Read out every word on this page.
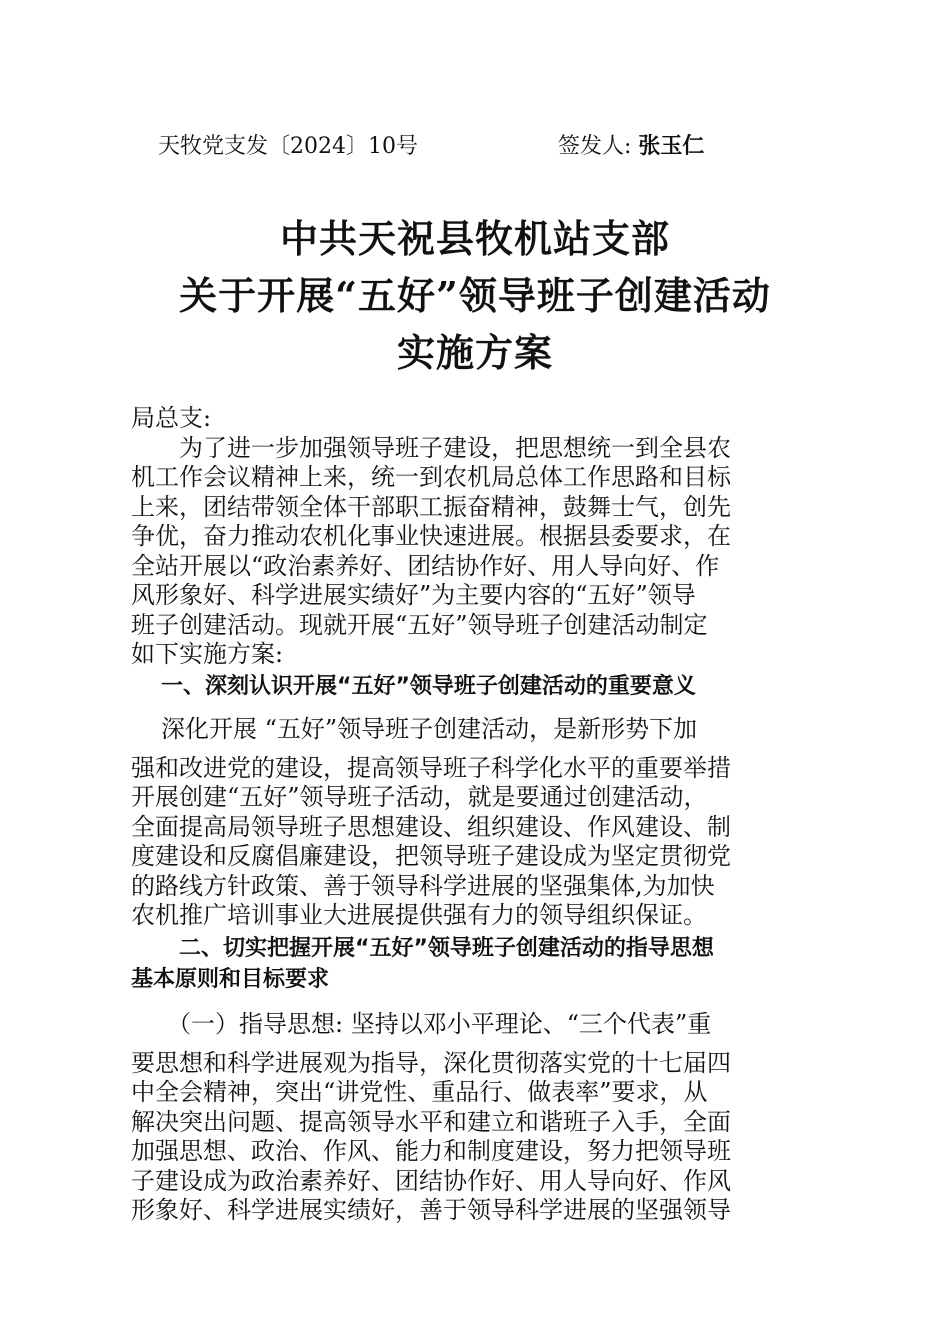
天牧党支发〔2024〕10号	签发人: 张玉仁
中共天祝县牧机站支部
关于开展“五好”领导班子创建活动
实施方案

局总支:

为了进一步加强领导班子建设，把思想统一到全县农

机工作会议精神上来，统一到农机局总体工作思路和目标

上来，团结带领全体干部职工振奋精神，鼓舞士气，创先

争优，奋力推动农机化事业快速进展。根据县委要求，在

全站开展以“政治素养好、团结协作好、用人导向好、作

风形象好、科学进展实绩好”为主要内容的“五好”领导

班子创建活动。现就开展“五好”领导班子创建活动制定

如下实施方案:

一、深刻认识开展“五好”领导班子创建活动的重要意义

深化开展 “五好”领导班子创建活动，是新形势下加

强和改进党的建设，提高领导班子科学化水平的重要举措

开展创建“五好”领导班子活动，就是要通过创建活动，

全面提高局领导班子思想建设、组织建设、作风建设、制

度建设和反腐倡廉建设，把领导班子建设成为坚定贯彻党

的路线方针政策、善于领导科学进展的坚强集体,为加快

农机推广培训事业大进展提供强有力的领导组织保证。

二、切实把握开展“五好”领导班子创建活动的指导思想

基本原则和目标要求

（一）指导思想: 坚持以邓小平理论、“三个代表”重

要思想和科学进展观为指导，深化贯彻落实党的十七届四

中全会精神，突出“讲党性、重品行、做表率”要求，从

解决突出问题、提高领导水平和建立和谐班子入手，全面

加强思想、政治、作风、能力和制度建设，努力把领导班

子建设成为政治素养好、团结协作好、用人导向好、作风

形象好、科学进展实绩好，善于领导科学进展的坚强领导
